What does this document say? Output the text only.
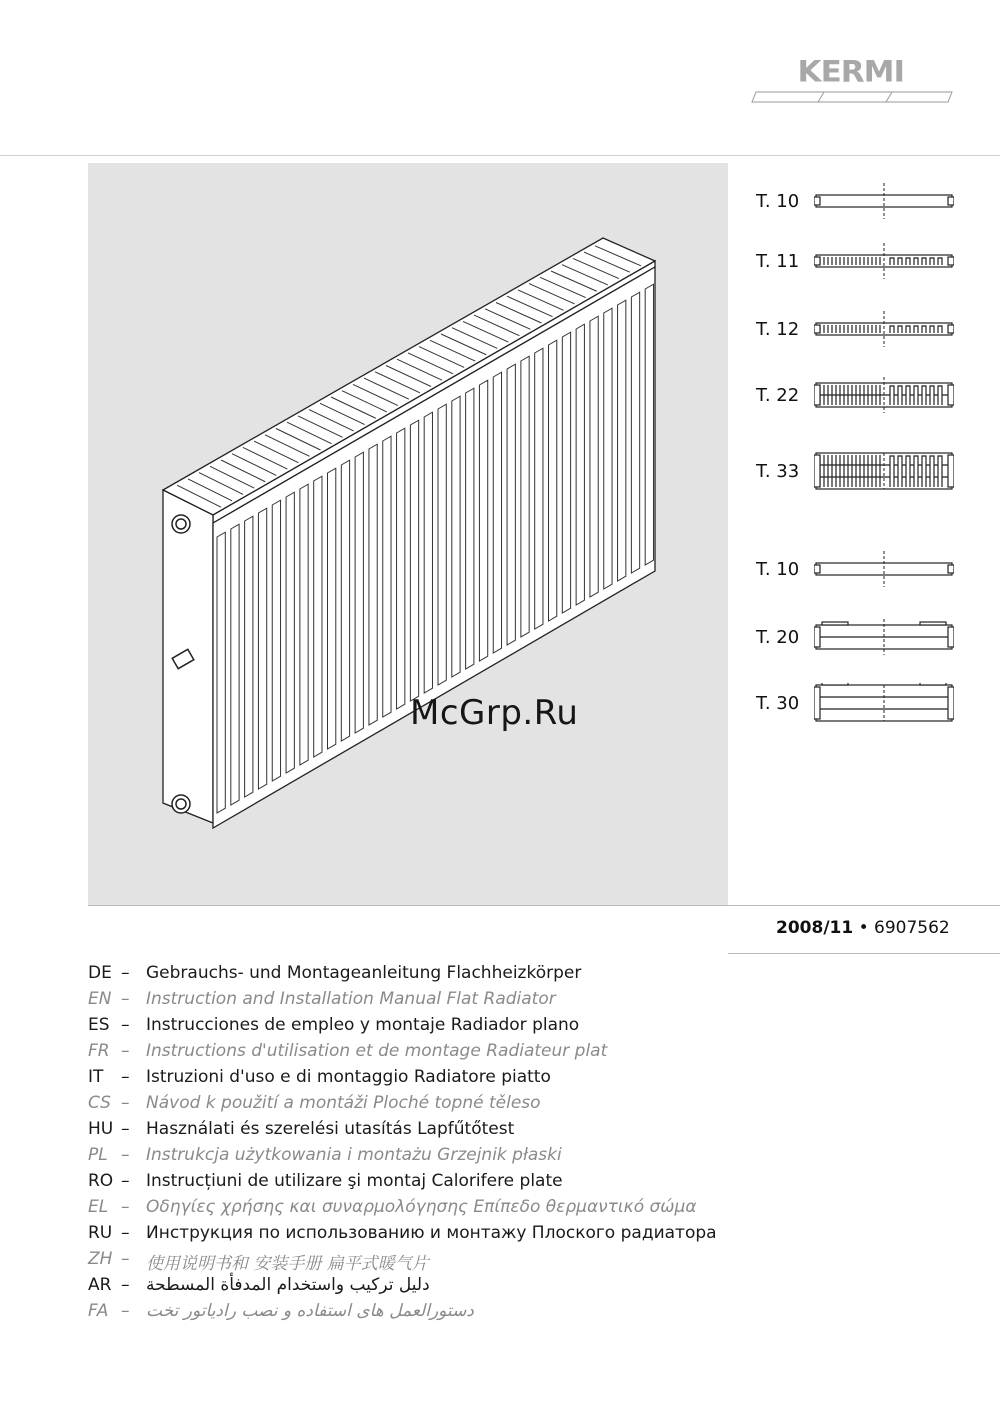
KERMI
McGrp.Ru
T. 10
T. 11
T. 12
T. 22
T. 33
T. 10
T. 20
T. 30
2008/11 • 6907562
DE – Gebrauchs- und Montageanleitung Flachheizkörper
EN – Instruction and Installation Manual Flat Radiator
ES – Instrucciones de empleo y montaje Radiador plano
FR – Instructions d'utilisation et de montage Radiateur plat
IT	– Istruzioni d'uso e di montaggio Radiatore piatto
CS – Návod k použití a montáži Ploché topné těleso
HU – Használati és szerelési utasítás Lapfűtőtest
PL – Instrukcja użytkowania i montażu Grzejnik płaski
RO – Instrucțiuni de utilizare şi montaj Calorifere plate
EL – Οδηγίες χρήσης και συναρμολόγησης Επίπεδο θερμαντικό σώμα
RU – Инструкция по использованию и монтажу Плоского радиатора
ZH – 使用说明书和 安装手册 扁平式暖气片
AR – دليل تركيب واستخدام المدفأة المسطحة
FA – دستورالعمل های استفاده و نصب رادیاتور تخت
